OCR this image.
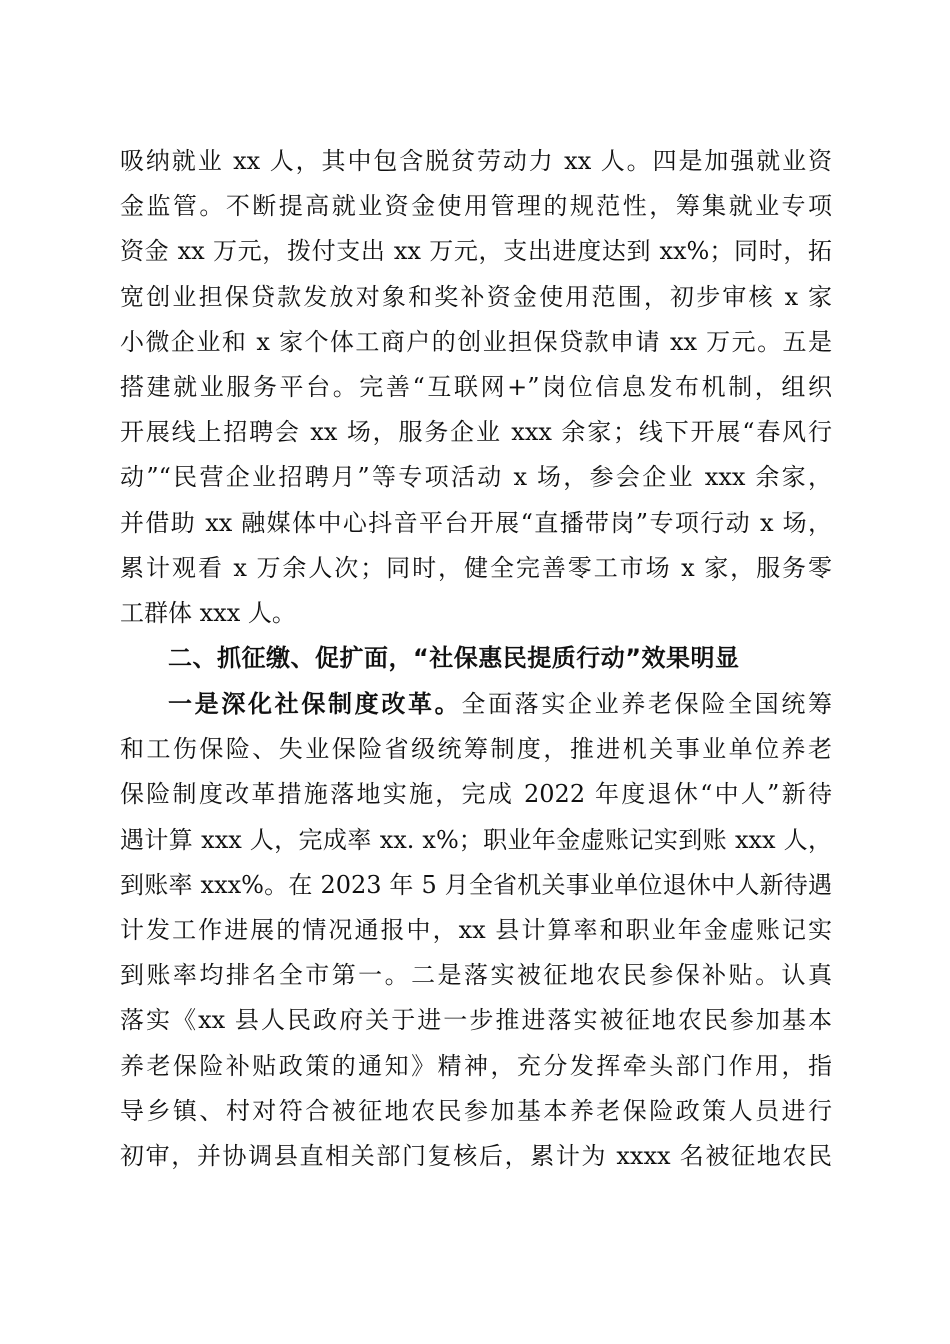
吸纳就业 xx 人，其中包含脱贫劳动力 xx 人。四是加强就业资
金监管。不断提高就业资金使用管理的规范性，筹集就业专项
资金 xx 万元，拨付支出 xx 万元，支出进度达到 xx%；同时，拓
宽创业担保贷款发放对象和奖补资金使用范围，初步审核 x 家
小微企业和 x 家个体工商户的创业担保贷款申请 xx 万元。五是
搭建就业服务平台。完善“互联网+”岗位信息发布机制，组织
开展线上招聘会 xx 场，服务企业 xxx 余家；线下开展“春风行
动”“民营企业招聘月”等专项活动 x 场，参会企业 xxx 余家，
并借助 xx 融媒体中心抖音平台开展“直播带岗”专项行动 x 场，
累计观看 x 万余人次；同时，健全完善零工市场 x 家，服务零
工群体 xxx 人。
二、抓征缴、促扩面，“社保惠民提质行动”效果明显
一是深化社保制度改革。全面落实企业养老保险全国统筹
和工伤保险、失业保险省级统筹制度，推进机关事业单位养老
保险制度改革措施落地实施，完成 2022 年度退休“中人”新待
遇计算 xxx 人，完成率 xx. x%；职业年金虚账记实到账 xxx 人，
到账率 xxx%。在 2023 年 5 月全省机关事业单位退休中人新待遇
计发工作进展的情况通报中，xx 县计算率和职业年金虚账记实
到账率均排名全市第一。二是落实被征地农民参保补贴。认真
落实《xx 县人民政府关于进一步推进落实被征地农民参加基本
养老保险补贴政策的通知》精神，充分发挥牵头部门作用，指
导乡镇、村对符合被征地农民参加基本养老保险政策人员进行
初审，并协调县直相关部门复核后，累计为 xxxx 名被征地农民
